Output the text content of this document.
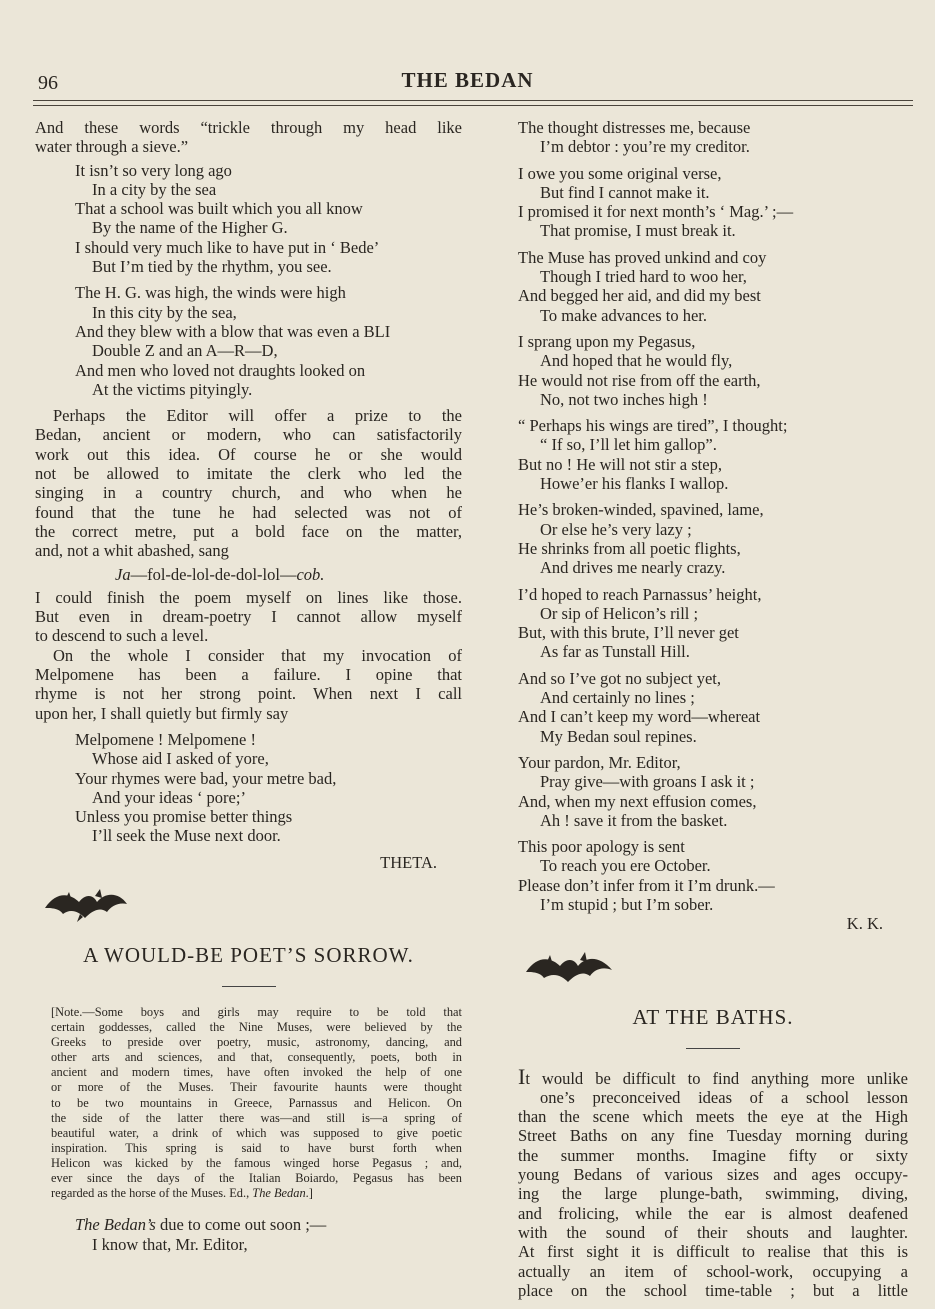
96	THE BEDAN
And these words “trickle through my head like
water through a sieve.”
It isn’t so very long ago
In a city by the sea
That a school was built which you all know
By the name of the Higher G.
I should very much like to have put in ‘ Bede’
But I’m tied by the rhythm, you see.
The H. G. was high, the winds were high
In this city by the sea,
And they blew with a blow that was even a BLI
Double Z and an A—R—D,
And men who loved not draughts looked on
At the victims pityingly.
Perhaps the Editor will offer a prize to the
Bedan, ancient or modern, who can satisfactorily
work out this idea. Of course he or she would
not be allowed to imitate the clerk who led the
singing in a country church, and who when he
found that the tune he had selected was not of
the correct metre, put a bold face on the matter,
and, not a whit abashed, sang
Ja—fol-de-lol-de-dol-lol—cob.
I could finish the poem myself on lines like those.
But even in dream-poetry I cannot allow myself
to descend to such a level.
On the whole I consider that my invocation of
Melpomene has been a failure. I opine that
rhyme is not her strong point. When next I call
upon her, I shall quietly but firmly say
Melpomene ! Melpomene !
Whose aid I asked of yore,
Your rhymes were bad, your metre bad,
And your ideas ‘ pore;’
Unless you promise better things
I’ll seek the Muse next door.
THETA.
A WOULD-BE POET’S SORROW.
[Note.—Some boys and girls may require to be told that
certain goddesses, called the Nine Muses, were believed by the
Greeks to preside over poetry, music, astronomy, dancing, and
other arts and sciences, and that, consequently, poets, both in
ancient and modern times, have often invoked the help of one
or more of the Muses. Their favourite haunts were thought
to be two mountains in Greece, Parnassus and Helicon. On
the side of the latter there was—and still is—a spring of
beautiful water, a drink of which was supposed to give poetic
inspiration. This spring is said to have burst forth when
Helicon was kicked by the famous winged horse Pegasus ; and,
ever since the days of the Italian Boiardo, Pegasus has been
regarded as the horse of the Muses. Ed., The Bedan.]
The Bedan’s due to come out soon ;—
I know that, Mr. Editor,
The thought distresses me, because
I’m debtor : you’re my creditor.
I owe you some original verse,
But find I cannot make it.
I promised it for next month’s ‘ Mag.’ ;—
That promise, I must break it.
The Muse has proved unkind and coy
Though I tried hard to woo her,
And begged her aid, and did my best
To make advances to her.
I sprang upon my Pegasus,
And hoped that he would fly,
He would not rise from off the earth,
No, not two inches high !
“ Perhaps his wings are tired”, I thought;
“ If so, I’ll let him gallop”.
But no ! He will not stir a step,
Howe’er his flanks I wallop.
He’s broken-winded, spavined, lame,
Or else he’s very lazy ;
He shrinks from all poetic flights,
And drives me nearly crazy.
I’d hoped to reach Parnassus’ height,
Or sip of Helicon’s rill ;
But, with this brute, I’ll never get
As far as Tunstall Hill.
And so I’ve got no subject yet,
And certainly no lines ;
And I can’t keep my word—whereat
My Bedan soul repines.
Your pardon, Mr. Editor,
Pray give—with groans I ask it ;
And, when my next effusion comes,
Ah ! save it from the basket.
This poor apology is sent
To reach you ere October.
Please don’t infer from it I’m drunk.—
I’m stupid ; but I’m sober.
K. K.
AT THE BATHS.
It would be difficult to find anything more unlike
one’s preconceived ideas of a school lesson
than the scene which meets the eye at the High
Street Baths on any fine Tuesday morning during
the summer months. Imagine fifty or sixty
young Bedans of various sizes and ages occupy-
ing the large plunge-bath, swimming, diving,
and frolicing, while the ear is almost deafened
with the sound of their shouts and laughter.
At first sight it is difficult to realise that this is
actually an item of school-work, occupying a
place on the school time-table ; but a little
